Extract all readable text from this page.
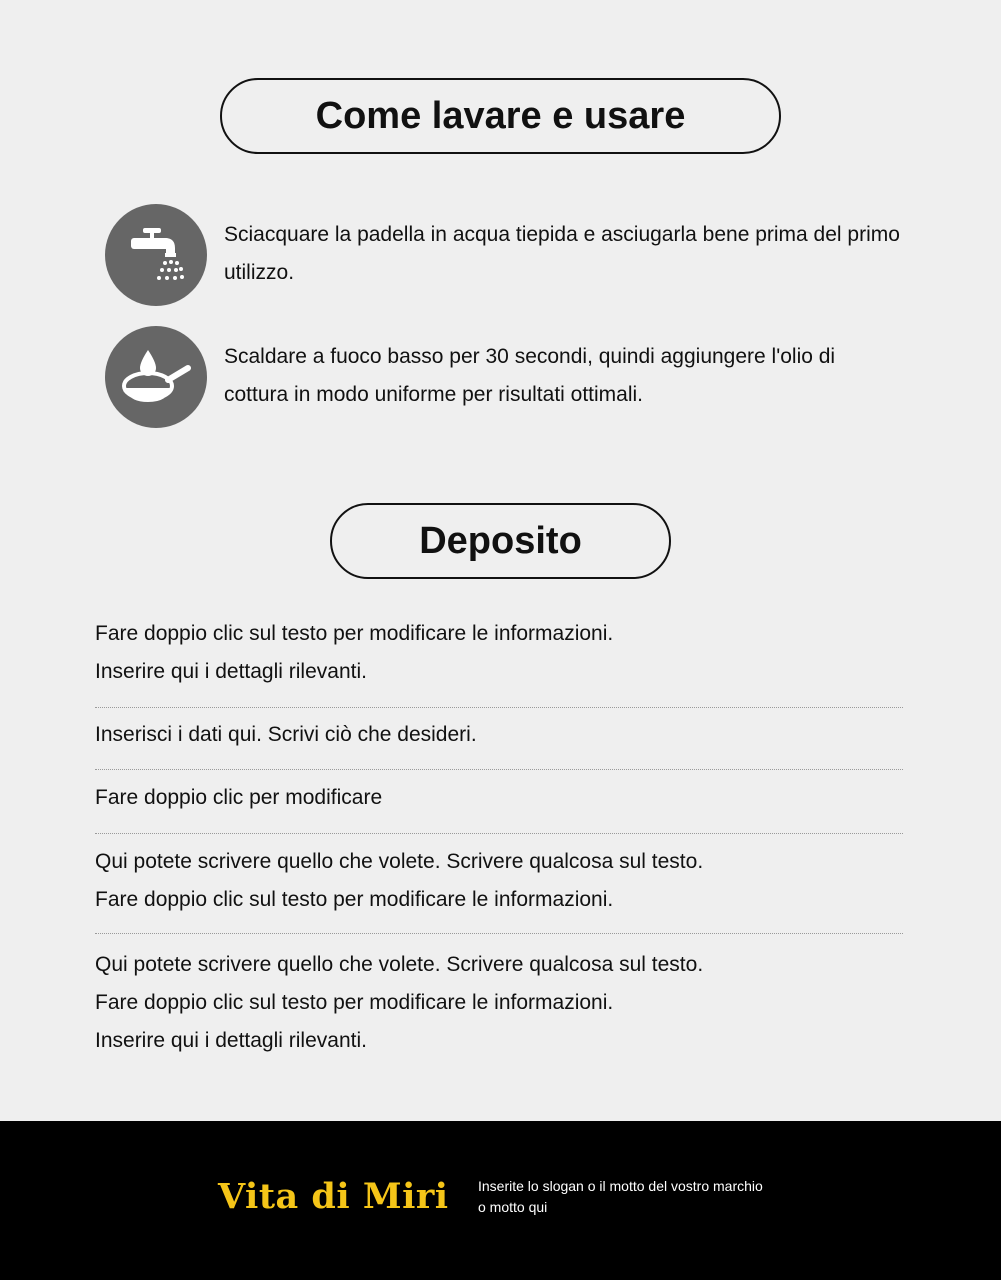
Come lavare e usare
Sciacquare la padella in acqua tiepida e asciugarla bene prima del primo utilizzo.
Scaldare a fuoco basso per 30 secondi, quindi aggiungere l'olio di cottura in modo uniforme per risultati ottimali.
Deposito
Fare doppio clic sul testo per modificare le informazioni.
Inserire qui i dettagli rilevanti.
Inserisci i dati qui. Scrivi ciò che desideri.
Fare doppio clic per modificare
Qui potete scrivere quello che volete. Scrivere qualcosa sul testo.
Fare doppio clic sul testo per modificare le informazioni.
Qui potete scrivere quello che volete. Scrivere qualcosa sul testo.
Fare doppio clic sul testo per modificare le informazioni.
Inserire qui i dettagli rilevanti.
Vita di Miri Inserite lo slogan o il motto del vostro marchio
o motto qui
